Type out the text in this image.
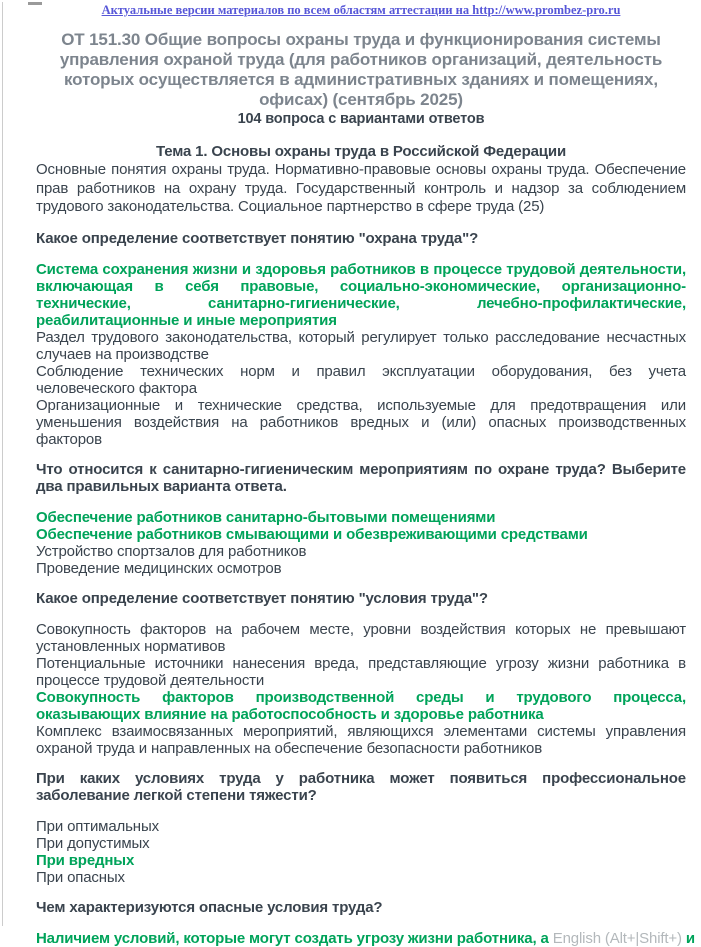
Актуальные версии материалов по всем областям аттестации на http://www.prombez-pro.ru
ОТ 151.30 Общие вопросы охраны труда и функционирования системы управления охраной труда (для работников организаций, деятельность которых осуществляется в административных зданиях и помещениях, офисах) (сентябрь 2025)
104 вопроса с вариантами ответов
Тема 1. Основы охраны труда в Российской Федерации
Основные понятия охраны труда. Нормативно-правовые основы охраны труда. Обеспечение прав работников на охрану труда. Государственный контроль и надзор за соблюдением трудового законодательства. Социальное партнерство в сфере труда (25)
Какое определение соответствует понятию "охрана труда"?
Система сохранения жизни и здоровья работников в процессе трудовой деятельности, включающая в себя правовые, социально-экономические, организационно-технические, санитарно-гигиенические, лечебно-профилактические, реабилитационные и иные мероприятия
Раздел трудового законодательства, который регулирует только расследование несчастных случаев на производстве
Соблюдение технических норм и правил эксплуатации оборудования, без учета человеческого фактора
Организационные и технические средства, используемые для предотвращения или уменьшения воздействия на работников вредных и (или) опасных производственных факторов
Что относится к санитарно-гигиеническим мероприятиям по охране труда? Выберите два правильных варианта ответа.
Обеспечение работников санитарно-бытовыми помещениями
Обеспечение работников смывающими и обезвреживающими средствами
Устройство спортзалов для работников
Проведение медицинских осмотров
Какое определение соответствует понятию "условия труда"?
Совокупность факторов на рабочем месте, уровни воздействия которых не превышают установленных нормативов
Потенциальные источники нанесения вреда, представляющие угрозу жизни работника в процессе трудовой деятельности
Совокупность факторов производственной среды и трудового процесса, оказывающих влияние на работоспособность и здоровье работника
Комплекс взаимосвязанных мероприятий, являющихся элементами системы управления охраной труда и направленных на обеспечение безопасности работников
При каких условиях труда у работника может появиться профессиональное заболевание легкой степени тяжести?
При оптимальных
При допустимых
При вредных
При опасных
Чем характеризуются опасные условия труда?
Наличием условий, которые могут создать угрозу жизни работника, а English (Alt+|Shift+) и
